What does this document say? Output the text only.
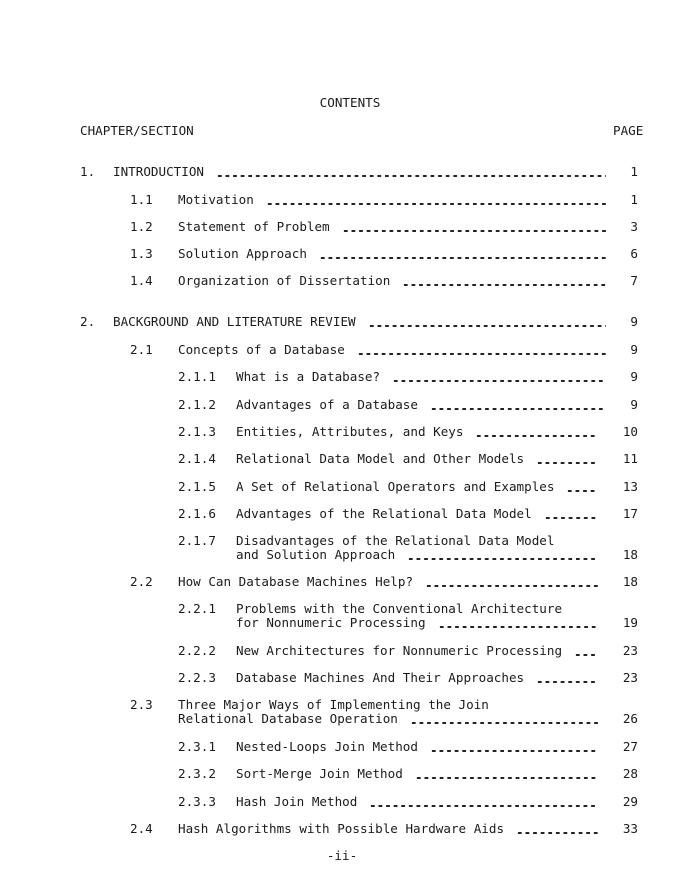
CONTENTS
CHAPTER/SECTION	PAGE
1. INTRODUCTION	1
1.1 Motivation	1
1.2 Statement of Problem	3
1.3 Solution Approach	6
1.4 Organization of Dissertation	7
2. BACKGROUND AND LITERATURE REVIEW	9
2.1 Concepts of a Database	9
2.1.1 What is a Database?	9
2.1.2 Advantages of a Database	9
2.1.3 Entities, Attributes, and Keys	10
2.1.4 Relational Data Model and Other Models	11
2.1.5 A Set of Relational Operators and Examples	13
2.1.6 Advantages of the Relational Data Model	17
2.1.7 Disadvantages of the Relational Data Model
and Solution Approach	18
2.2 How Can Database Machines Help?	18
2.2.1 Problems with the Conventional Architecture
for Nonnumeric Processing	19
2.2.2 New Architectures for Nonnumeric Processing	23
2.2.3 Database Machines And Their Approaches	23
2.3 Three Major Ways of Implementing the Join
Relational Database Operation	26
2.3.1 Nested-Loops Join Method	27
2.3.2 Sort-Merge Join Method	28
2.3.3 Hash Join Method	29
2.4 Hash Algorithms with Possible Hardware Aids	33
-ii-
